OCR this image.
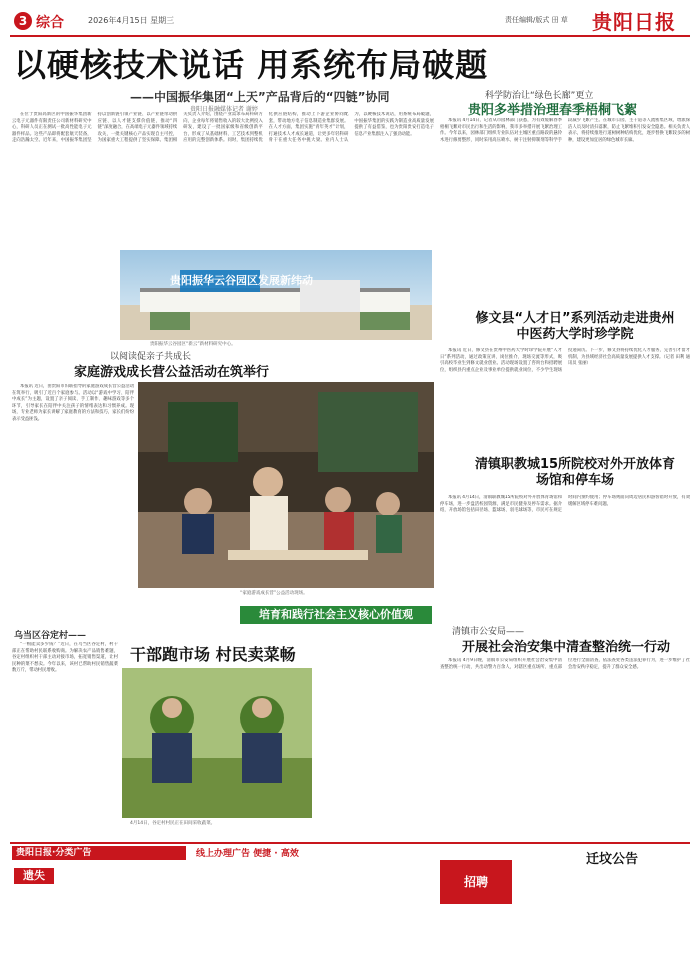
3 综合	2026年4月15日 星期三	责任编辑/版式 田 草 贵阳日报
以硬核技术说话 用系统布局破题
——中国振华集团“上天”产品背后的“四链”协同
贵阳日报融媒体记者 谢婷
在位于贵阳高新区的中国振华集团新云电子元器件有限责任公司新材料研究中心，科研人员正在测试一批高性能电子元器件样品。这些产品即将配套航天装备，走向浩瀚太空。近年来，中国振华集团坚持以创新链引领产业链、以产业链带动供应链、以人才链支撑价值链，推动“四链”深度融合，在高端电子元器件领域持续攻关，一批关键核心产品实现自主可控，为国家重大工程提供了坚实保障。集团相关负责人介绍，围绕产业需求布局科研方向，企业每年将销售收入的较大比例投入研发，建设了一批国家级和省级创新平台，形成了从基础材料、工艺技术到整机应用的完整创新体系。同时，集团持续优化供应链结构，推动上下游企业协同配套，带动地方电子信息制造业集群发展。在人才方面，集团实施“青年英才”计划，打通技术人才成长通道，让更多年轻科研骨干在重大任务中挑大梁。业内人士认为，以硬核技术说话，用系统布局破题，中国振华集团的实践为制造业高质量发展提供了有益借鉴，也为贵阳贵安打造电子信息产业集群注入了强劲动能。
贵阳振华云谷园区发展新纬动
贵阳振华云谷园区“新云”新材料研究中心。
科学防治让“绿色长廊”更立
贵阳多举措治理春季梧桐飞絮
本报讯 4月14日，记者从市园林部门获悉，为有效缓解春季梧桐飞絮对市民出行和生活的影响，我市多举措开展飞絮治理工作。今年以来，园林部门组织专业队伍对主城区重点路段的悬铃木进行修剪整形，同时采用高压喷水、树干注射抑制剂等科学手段减少飞絮产生。在城市公园、主干道等人流密集区域，增派保洁人员及时清扫落絮，防止飞絮堆积引发安全隐患。相关负责人表示，将持续推进行道树树种结构优化，逐步替换飞絮较多的树种，建设更加宜居的绿色城市长廊。
修文县“人才日”系列活动走进贵州中医药大学时珍学院
本报讯 近日，修文县在贵州中医药大学时珍学院开展“人才日”系列活动，通过政策宣讲、岗位推介、现场交流等形式，吸引高校毕业生到修文就业创业。活动现场设置了咨询台和招聘展位，组织县内重点企业及事业单位提供就业岗位，不少学生现场投递简历。下一步，修文县将持续优化人才服务，完善引才留才机制，为县域经济社会高质量发展提供人才支撑。（记者 田利 通讯员 张丽）
以阅读促亲子共成长
家庭游戏成长营公益活动在筑举行
本报讯 近日，由贵阳市妇联指导的家庭游戏成长营公益活动在筑举行，吸引了近百个家庭参与。活动以“游戏中学习、陪伴中成长”为主题，设置了亲子阅读、手工制作、趣味游戏等多个环节，引导家长在陪伴中关注孩子的情绪表达和习惯养成。现场，专业老师为家长讲解了家庭教育的方法和技巧，家长们纷纷表示受益匪浅。
“家庭游戏成长营”公益活动现场。
清镇职教城15所院校对外开放体育场馆和停车场
本报讯 4月14日，清镇职教城15所院校对外开放体育场馆和停车场，进一步盘活校园资源，满足市民健身及停车需求。据介绍，开放场馆包括田径场、篮球场、羽毛球场等，市民可在规定时间内预约使用；停车场则面向周边居民和游客错时开放，有效缓解区域停车难问题。
培育和践行社会主义核心价值观
清镇市公安局——
开展社会治安集中清查整治统一行动
本报讯 4月9日晚，清镇市公安局组织开展社会治安集中清查整治统一行动，共出动警力百余人，对辖区重点场所、重点部位进行全面清查，依法查处各类违法犯罪行为，进一步维护了社会治安秩序稳定，提升了群众安全感。
乌当区谷定村——
干部跑市场 村民卖菜畅
“一根能卖多少钱？”近日，在乌当区谷定村，村干部正在帮助村民联系收购商。为解决农产品销售难题，谷定村组织村干部主动对接市场，拓宽销售渠道，让村民种的菜不愁卖。今年以来，该村已帮助村民销售蔬菜数万斤，带动村民增收。
4月14日，谷定村村民正在田间采收蔬菜。
贵阳日报·分类广告	线上办理广告 便捷 · 高效
遗失
迁坟公告
招聘
